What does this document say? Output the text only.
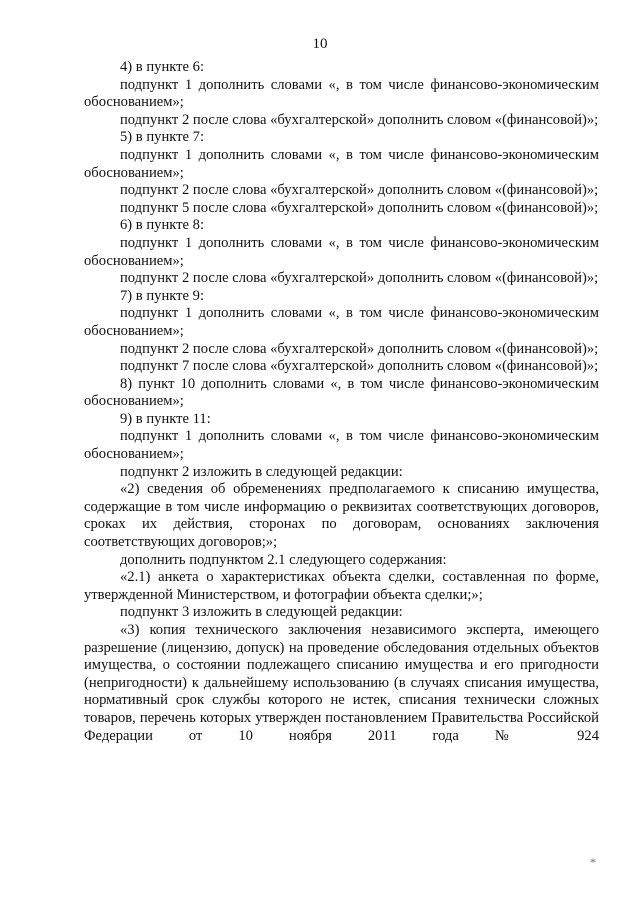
10

4) в пункте 6:

подпункт 1 дополнить словами «, в том числе финансово-экономическим обоснованием»;

подпункт 2 после слова «бухгалтерской» дополнить словом «(финансовой)»;

5) в пункте 7:

подпункт 1 дополнить словами «, в том числе финансово-экономическим обоснованием»;

подпункт 2 после слова «бухгалтерской» дополнить словом «(финансовой)»;

подпункт 5 после слова «бухгалтерской» дополнить словом «(финансовой)»;

6) в пункте 8:

подпункт 1 дополнить словами «, в том числе финансово-экономическим обоснованием»;

подпункт 2 после слова «бухгалтерской» дополнить словом «(финансовой)»;

7) в пункте 9:

подпункт 1 дополнить словами «, в том числе финансово-экономическим обоснованием»;

подпункт 2 после слова «бухгалтерской» дополнить словом «(финансовой)»;

подпункт 7 после слова «бухгалтерской» дополнить словом «(финансовой)»;

8) пункт 10 дополнить словами «, в том числе финансово-экономическим обоснованием»;

9) в пункте 11:

подпункт 1 дополнить словами «, в том числе финансово-экономическим обоснованием»;

подпункт 2 изложить в следующей редакции:

«2) сведения об обременениях предполагаемого к списанию имущества, содержащие в том числе информацию о реквизитах соответствующих договоров, сроках их действия, сторонах по договорам, основаниях заключения соответствующих договоров;»;

дополнить подпунктом 2.1 следующего содержания:

«2.1) анкета о характеристиках объекта сделки, составленная по форме, утвержденной Министерством, и фотографии объекта сделки;»;

подпункт 3 изложить в следующей редакции:

«3) копия технического заключения независимого эксперта, имеющего разрешение (лицензию, допуск) на проведение обследования отдельных объектов имущества, о состоянии подлежащего списанию имущества и его пригодности (непригодности) к дальнейшему использованию (в случаях списания имущества, нормативный срок службы которого не истек, списания технически сложных товаров, перечень которых утвержден постановлением Правительства Российской Федерации от 10 ноября 2011 года № 924

*
